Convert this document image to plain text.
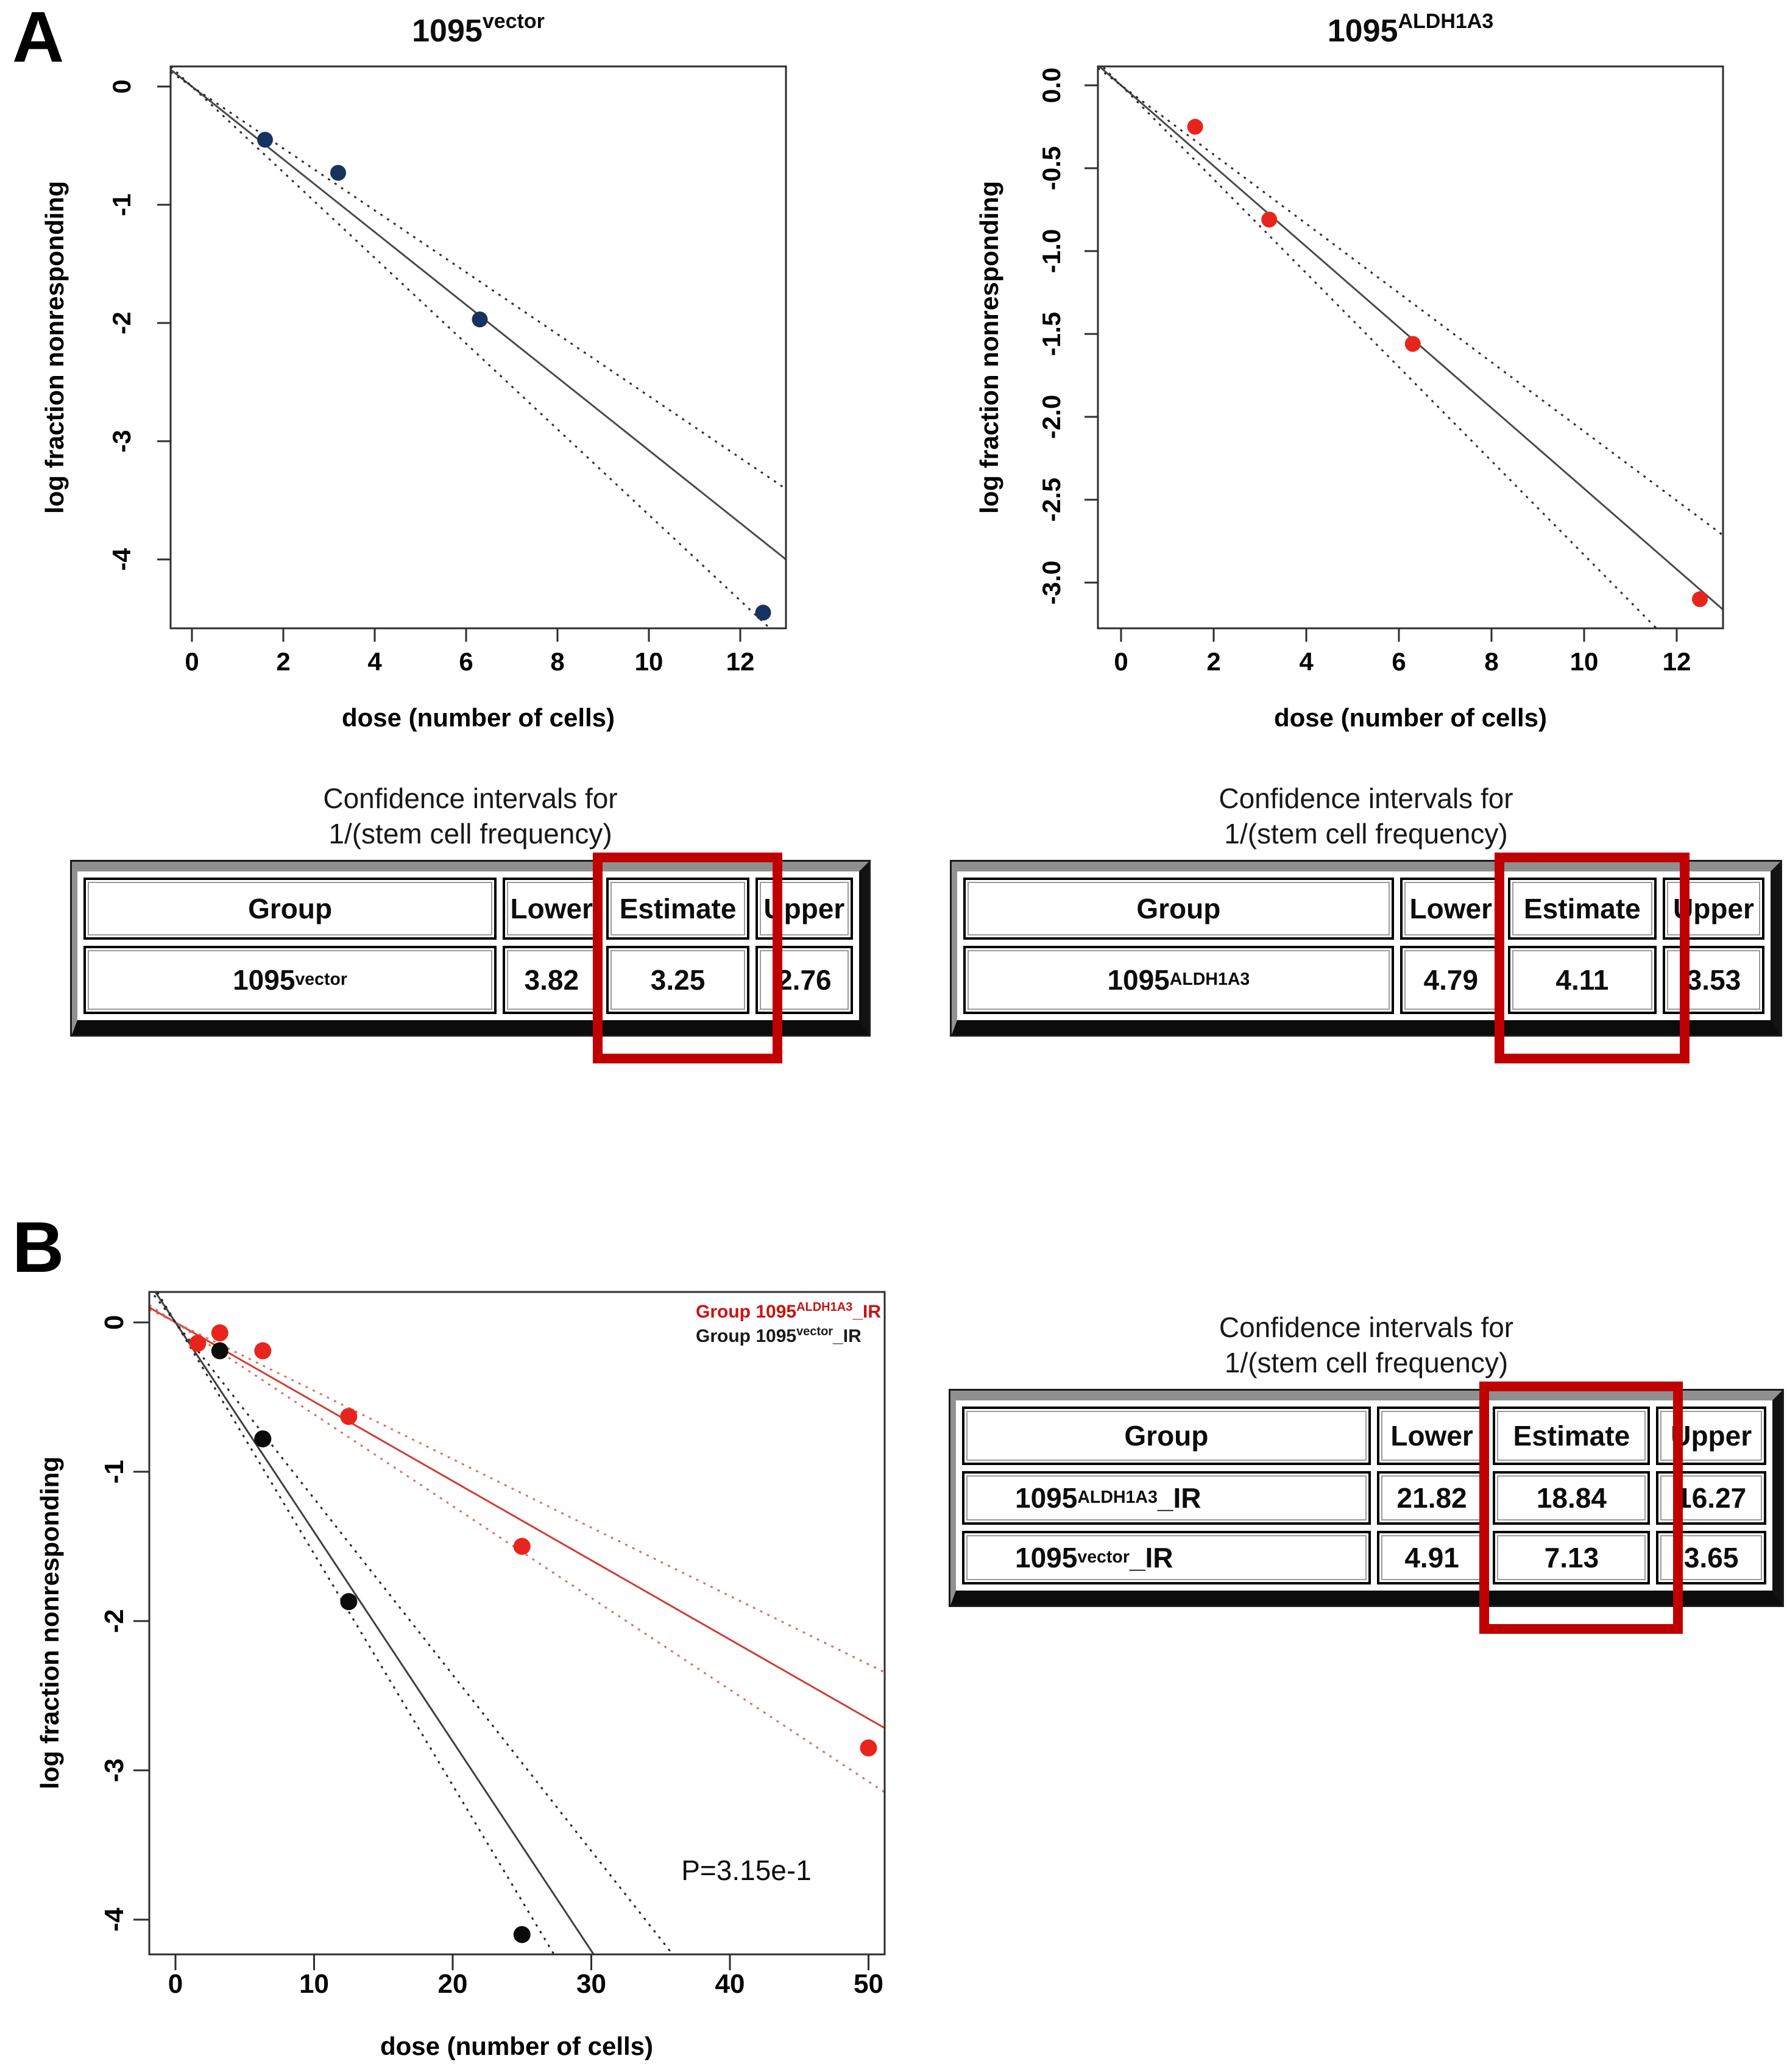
A
0	2	4	6	8	10 12
0
-1
-2
-3
-4
dose (number of cells)
log fraction nonresponding
$1095^{vector}$
0	2	4	6	8	10	12
0.0
-0.5
-1.0
-1.5
-2.0
-2.5
-3.0
dose (number of cells)
log fraction nonresponding
$1095^{ALDH1A3}$
Confidence intervals for
1/(stem cell frequency)
Group	Lower Estimate Upper
1095 vector	3.82	3.25	2.76
Confidence intervals for
1/(stem cell frequency)
Group	Lower	Estimate	Upper
1095 ALDH1A3	4.79	4.11	3.53
B
0	10	20	30	40	50
0
-1
-2
-3
-4
dose (number of cells)
log fraction nonresponding
Group $1095^{ALDH1A3}\_IR$
Group $1095^{vector}\_IR$
P=3.15e-1
Confidence intervals for
1/(stem cell frequency)
Group	Lower	Estimate	Upper
1095 ALDH1A3 _IR	21.82	18.84	16.27
1095 vector _IR	4.91	7.13	3.65
